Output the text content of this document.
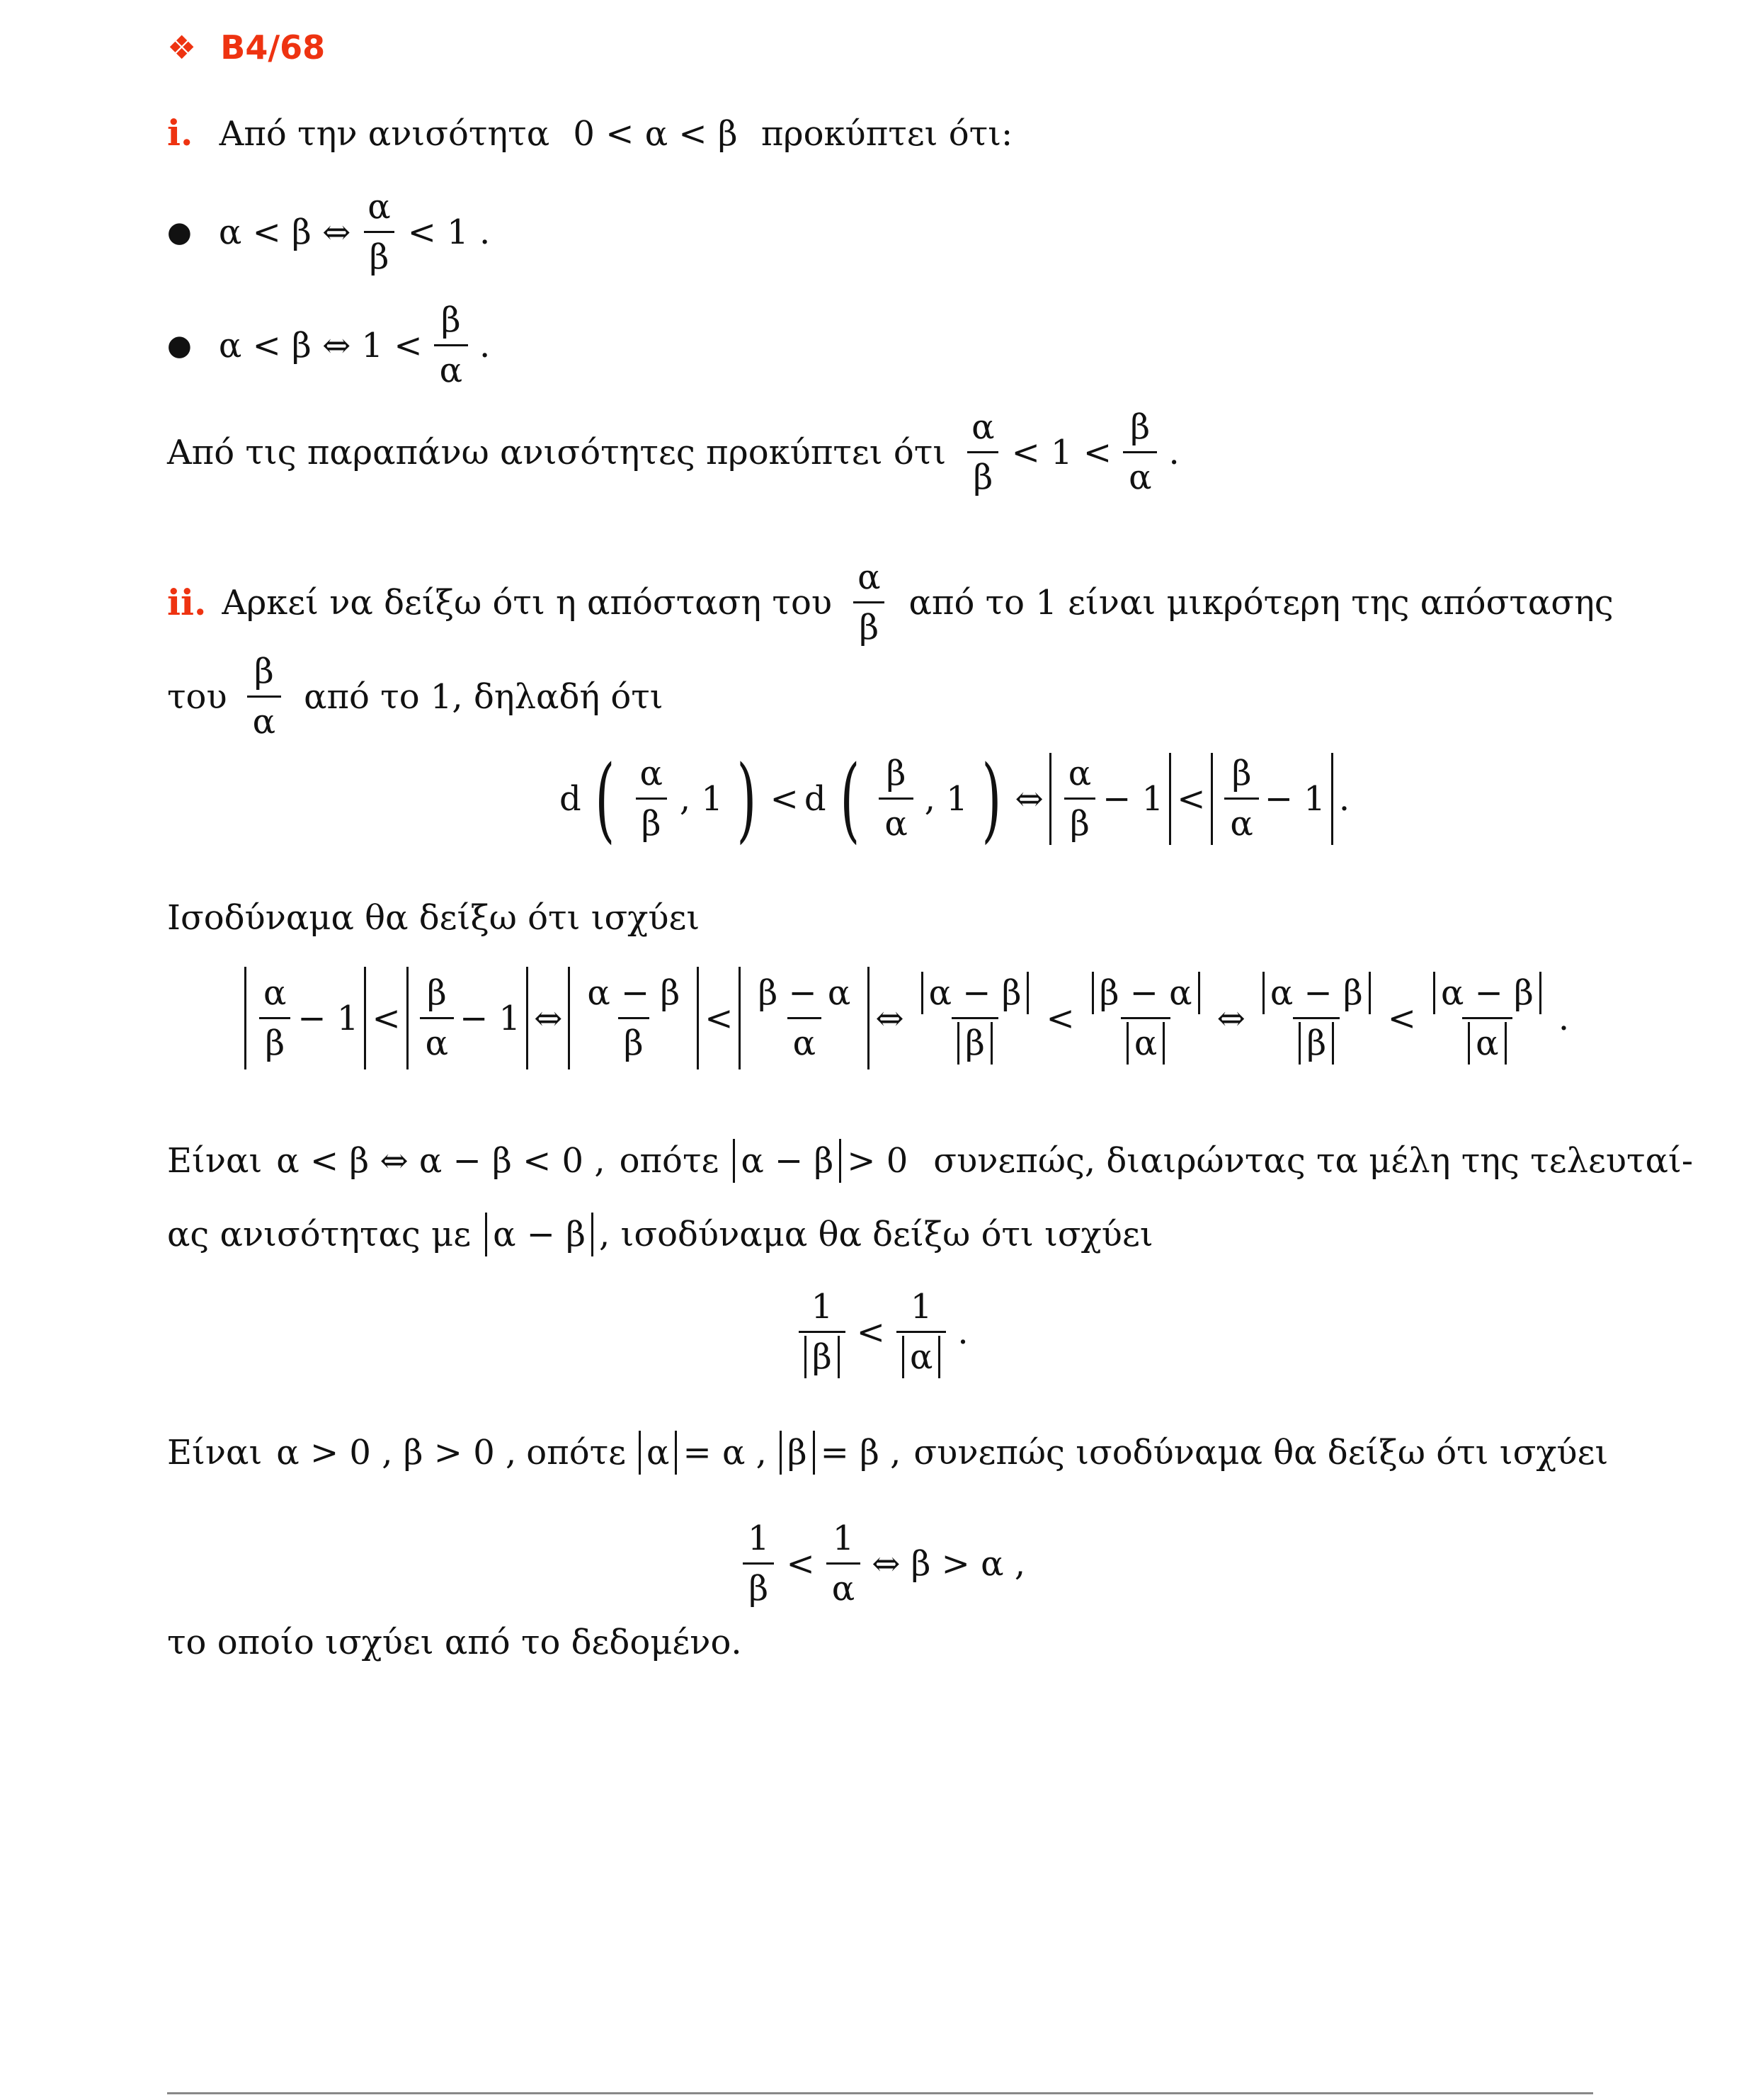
❖ B4/68
i. Από την ανισότητα 0 < α < β προκύπτει ότι:
● α < β ⇔ $\frac{\alpha}{\beta} < 1$ .
● α < β ⇔ $1 < \frac{\beta}{\alpha}$ .
Από τις παραπάνω ανισότητες προκύπτει ότι $\frac{\alpha}{\beta} < 1 < \frac{\beta}{\alpha}$ .
ii. Αρκεί να δείξω ότι η απόσταση του $\frac{\alpha}{\beta}$ από το 1 είναι μικρότερη της απόστασης
του $\frac{\beta}{\alpha}$ από το 1, δηλαδή ότι
d ( $\frac{\alpha}{\beta}$ , 1 ) < d ( $\frac{\beta}{\alpha}$ , 1 ) ⇔ $\frac{\alpha}{\beta} - 1 < \frac{\beta}{\alpha} - 1$ .
Ισοδύναμα θα δείξω ότι ισχύει
$\frac{\alpha}{\beta} - 1 < \frac{\beta}{\alpha} - 1$ ⇔ $\frac{\alpha - \beta}{\beta} < \frac{\beta - \alpha}{\alpha}$ ⇔ $\frac{\alpha - \beta}{\beta} < \frac{\beta - \alpha}{\alpha}$ ⇔ $\frac{\alpha - \beta}{\beta} < \frac{\alpha - \beta}{\alpha}$ .
Είναι α < β ⇔ α − β < 0 , οπότε α − β > 0 συνεπώς, διαιρώντας τα μέλη της τελευταί-
ας ανισότητας με α − β , ισοδύναμα θα δείξω ότι ισχύει
$\frac{1}{\beta} < \frac{1}{\alpha}$ .
Είναι α > 0 , β > 0 , οπότε α = α , β = β , συνεπώς ισοδύναμα θα δείξω ότι ισχύει
$\frac{1}{\beta} < \frac{1}{\alpha}$ ⇔ β > α ,
το οποίο ισχύει από το δεδομένο.
